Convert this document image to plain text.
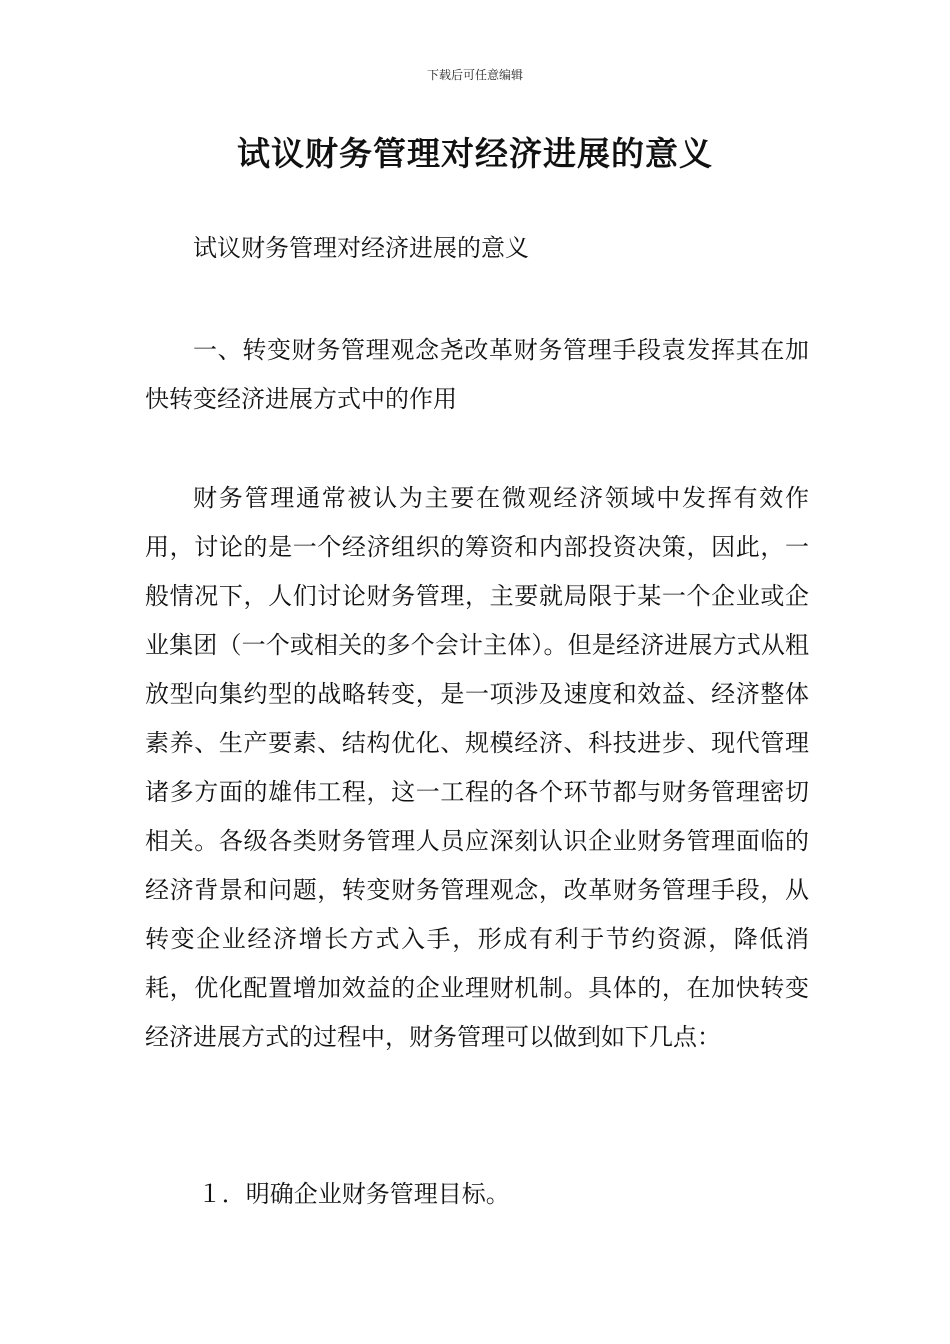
下载后可任意编辑
试议财务管理对经济进展的意义

试议财务管理对经济进展的意义

一、转变财务管理观念尧改革财务管理手段袁发挥其在加快转变经济进展方式中的作用

财务管理通常被认为主要在微观经济领域中发挥有效作用，讨论的是一个经济组织的筹资和内部投资决策，因此，一般情况下，人们讨论财务管理，主要就局限于某一个企业或企业集团（一个或相关的多个会计主体）。但是经济进展方式从粗放型向集约型的战略转变，是一项涉及速度和效益、经济整体素养、生产要素、结构优化、规模经济、科技进步、现代管理诸多方面的雄伟工程，这一工程的各个环节都与财务管理密切相关。各级各类财务管理人员应深刻认识企业财务管理面临的经济背景和问题，转变财务管理观念，改革财务管理手段，从转变企业经济增长方式入手，形成有利于节约资源，降低消耗，优化配置增加效益的企业理财机制。具体的，在加快转变经济进展方式的过程中，财务管理可以做到如下几点：

１．明确企业财务管理目标。
